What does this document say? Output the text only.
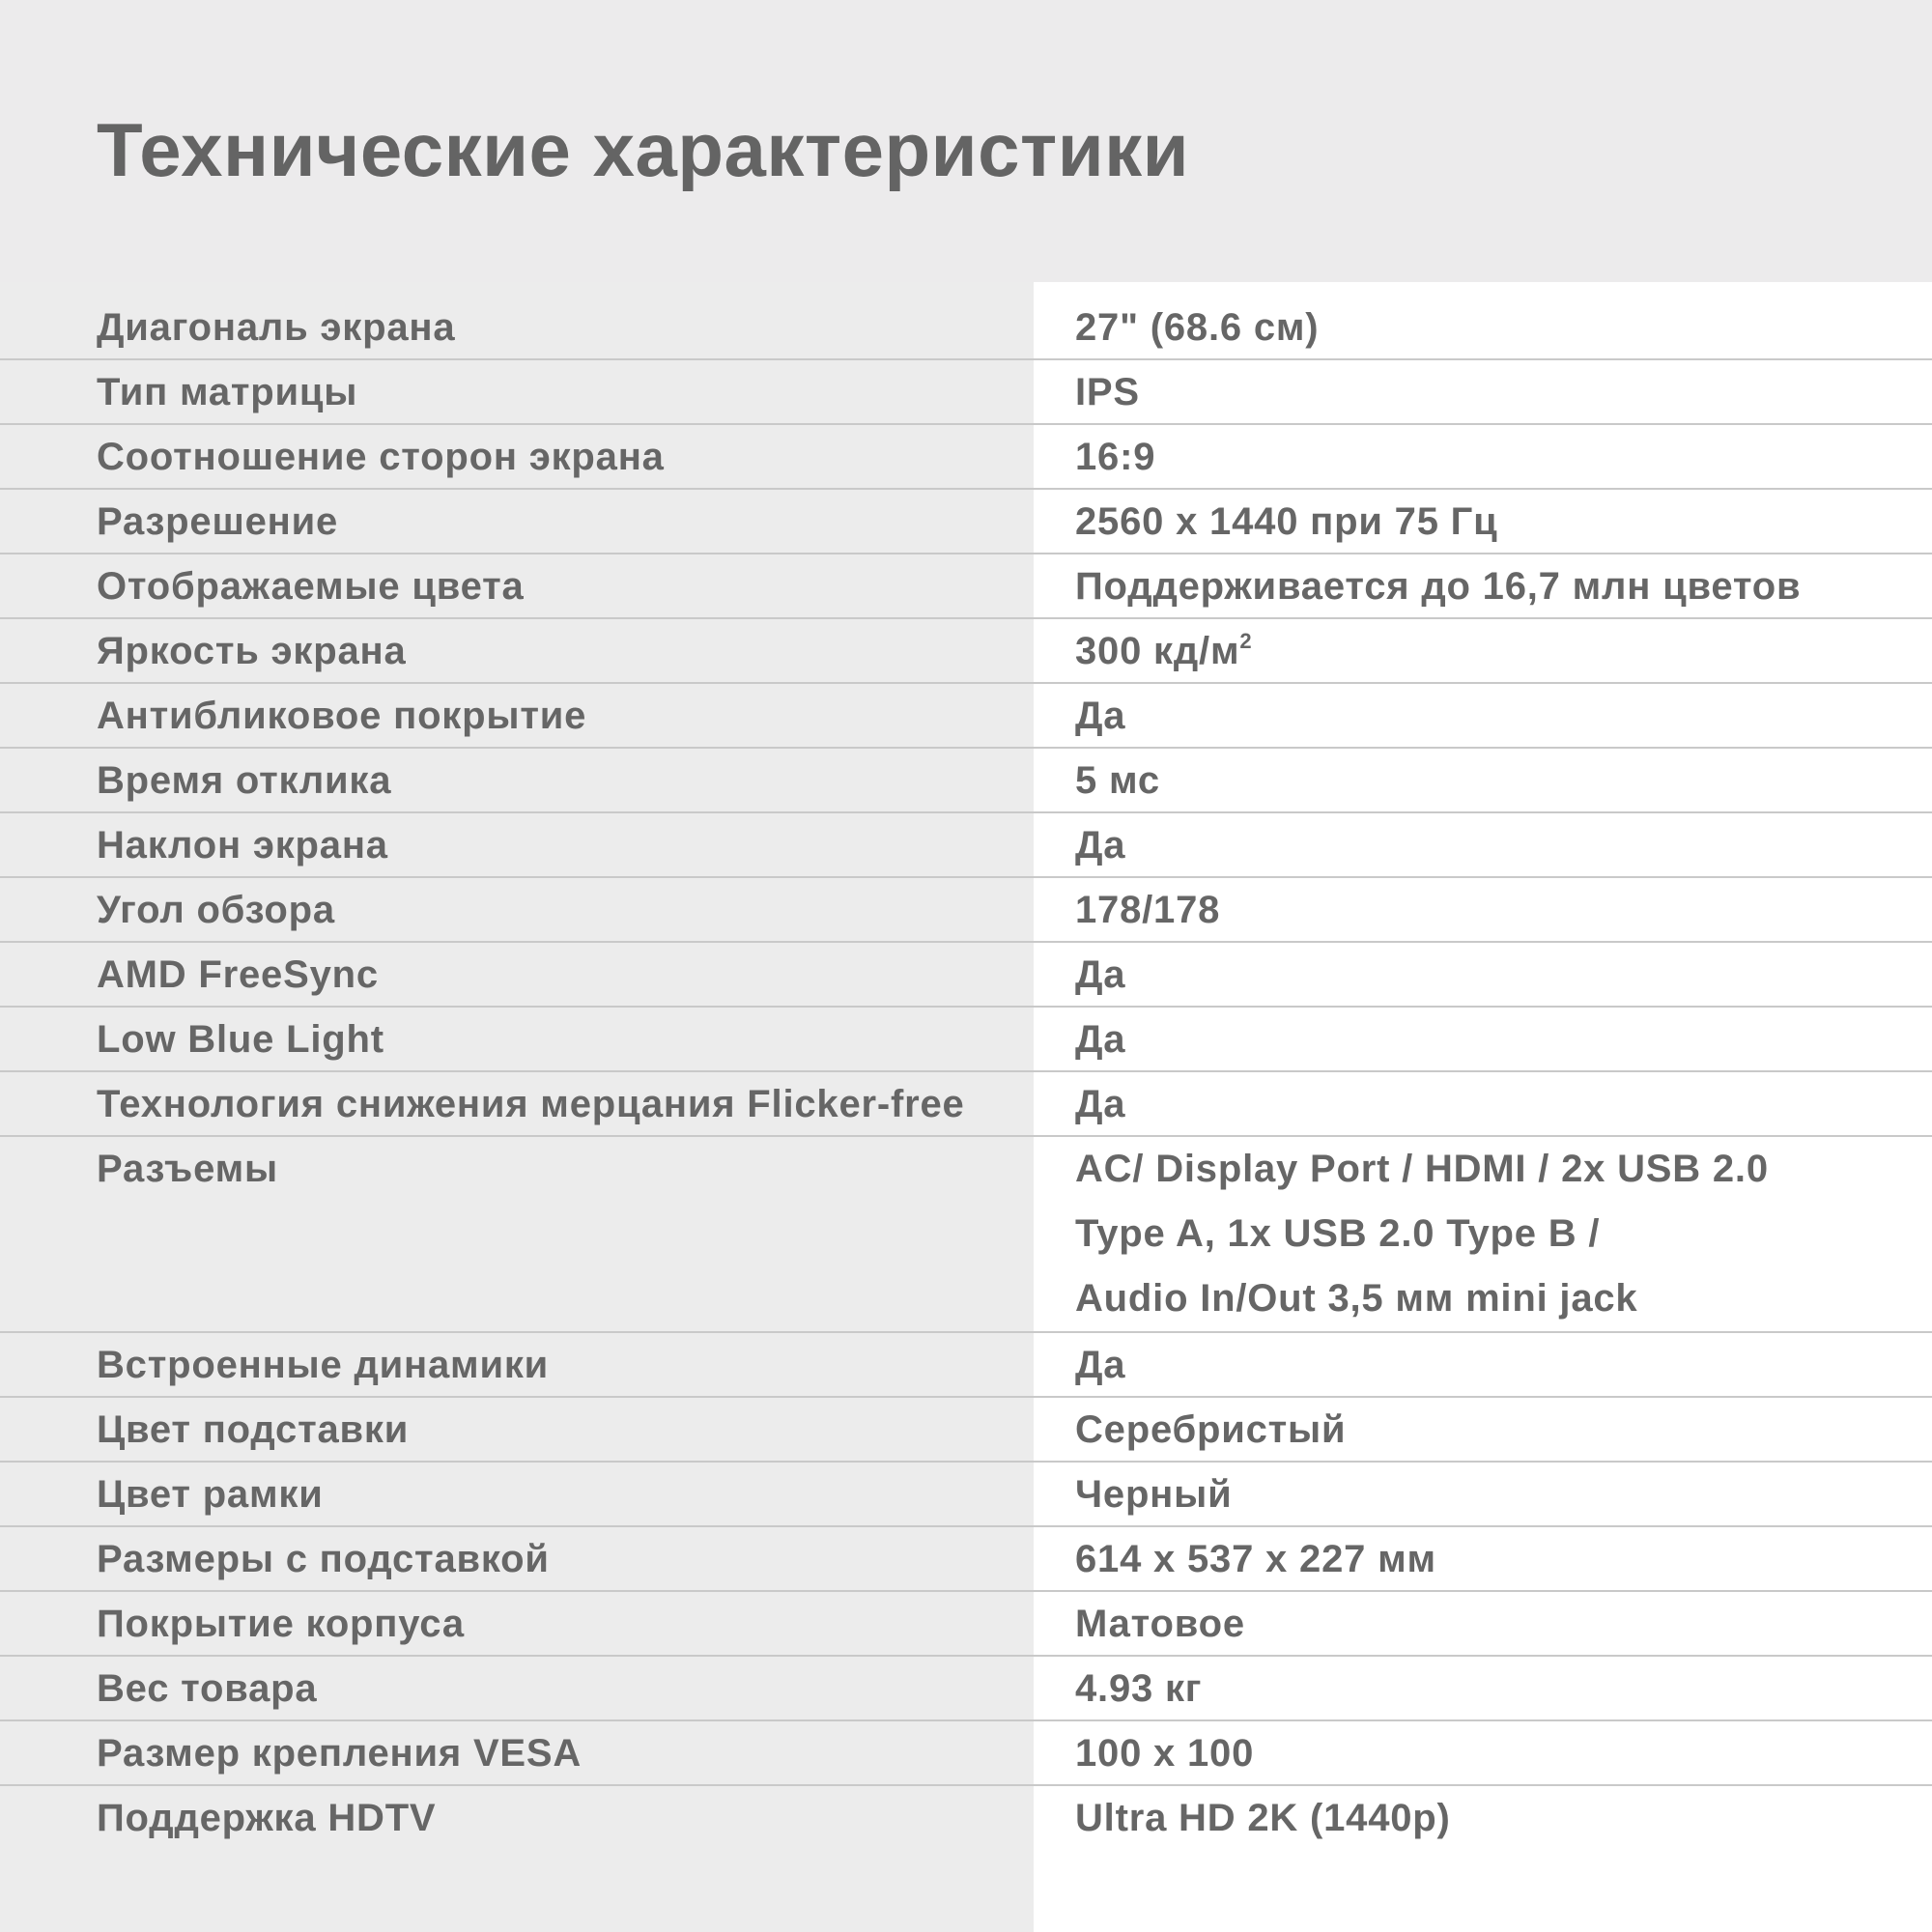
Технические характеристики
Диагональ экрана	27" (68.6 см)
Тип матрицы	IPS
Соотношение сторон экрана	16:9
Разрешение	2560 x 1440 при 75 Гц
Отображаемые цвета	Поддерживается до 16,7 млн цветов
Яркость экрана	300 $кд/м^2$
Антибликовое покрытие	Да
Время отклика	5 мс
Наклон экрана	Да
Угол обзора	178/178
AMD FreeSync	Да
Low Blue Light	Да
Технология снижения мерцания Flicker-free	Да
Разъемы	AC/ Display Port / HDMI / 2x USB 2.0
Type A, 1x USB 2.0 Type B /
Audio In/Out 3,5 мм mini jack
Встроенные динамики	Да
Цвет подставки	Серебристый
Цвет рамки	Черный
Размеры с подставкой	614 x 537 x 227 мм
Покрытие корпуса	Матовое
Вес товара	4.93 кг
Размер крепления VESA	100 x 100
Поддержка HDTV	Ultra HD 2K (1440p)
